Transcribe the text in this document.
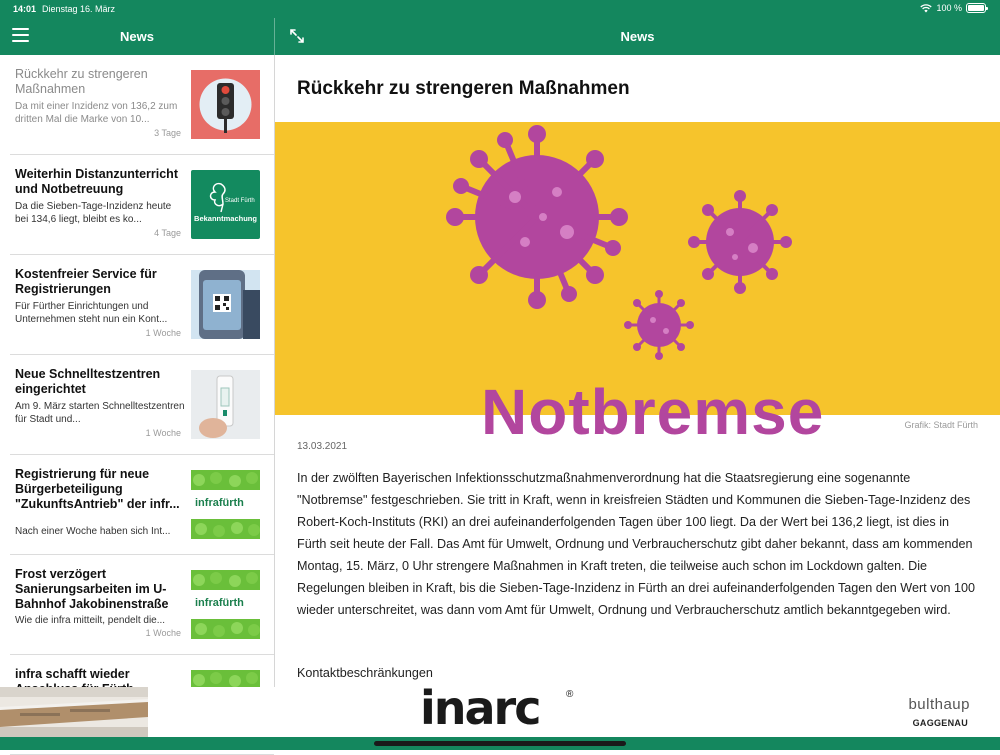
14:01 Dienstag 16. März	100 %
News	News
Rückkehr zu strengeren Maßnahmen
Da mit einer Inzidenz von 136,2 zum dritten Mal die Marke von 10...
3 Tage
Weiterhin Distanzunterricht und Notbetreuung
Da die Sieben-Tage-Inzidenz heute bei 134,6 liegt, bleibt es ko...
4 Tage
Stadt Fürth
Bekanntmachung
Kostenfreier Service für Registrierungen
Für Fürther Einrichtungen und Unternehmen steht nun ein Kont...
1 Woche
Neue Schnelltestzentren eingerichtet
Am 9. März starten Schnelltestzentren für Stadt und...
1 Woche
Registrierung für neue Bürgerbeteiligung "ZukunftsAntrieb" der infr...
Nach einer Woche haben sich Int...
infrafürth
Frost verzögert Sanierungsarbeiten im U-Bahnhof Jakobinenstraße
Wie die infra mitteilt, pendelt die...
1 Woche
infrafürth
infra schafft wieder
Rückkehr zu strengeren Maßnahmen
Notbremse	Grafik: Stadt Fürth
13.03.2021
In der zwölften Bayerischen Infektionsschutzmaßnahmenverordnung hat die Staatsregierung eine sogenannte "Notbremse" festgeschrieben. Sie tritt in Kraft, wenn in kreisfreien Städten und Kommunen die Sieben-Tage-Inzidenz des Robert-Koch-Instituts (RKI) an drei aufeinanderfolgenden Tagen über 100 liegt. Da der Wert bei 136,2 liegt, ist dies in Fürth seit heute der Fall. Das Amt für Umwelt, Ordnung und Verbraucherschutz gibt daher bekannt, dass am kommenden Montag, 15. März, 0 Uhr strengere Maßnahmen in Kraft treten, die teilweise auch schon im Lockdown galten. Die Regelungen bleiben in Kraft, bis die Sieben-Tage-Inzidenz in Fürth an drei aufeinanderfolgenden Tagen den Wert von 100 wieder unterschreitet, was dann vom Amt für Umwelt, Ordnung und Verbraucherschutz amtlich bekanntgegeben wird.
Kontaktbeschränkungen
inarc	®
bulthaup
GAGGENAU
